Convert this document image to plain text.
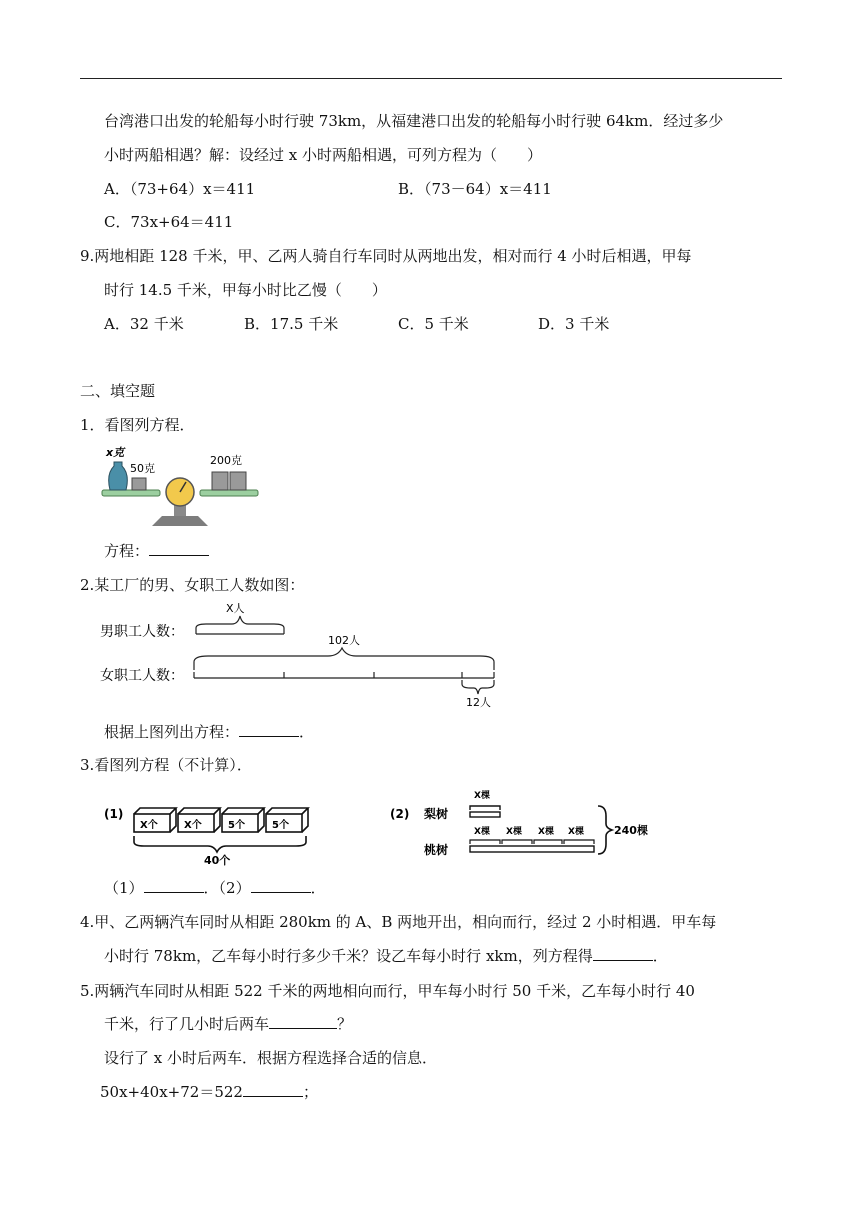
台湾港口出发的轮船每小时行驶 73km，从福建港口出发的轮船每小时行驶 64km．经过多少
小时两船相遇？解：设经过 x 小时两船相遇，可列方程为（　　）
A．（73+64）x＝411	B．（73－64）x＝411
C．73x+64＝411
9.两地相距 128 千米，甲、乙两人骑自行车同时从两地出发，相对而行 4 小时后相遇，甲每
时行 14.5 千米，甲每小时比乙慢（　　）
A．32 千米	B．17.5 千米	C．5 千米	D．3 千米
二、填空题
1．看图列方程．
x克
50克
200克
方程：
2.某工厂的男、女职工人数如图：
男职工人数：
女职工人数：
X人
102人
12人
根据上图列出方程：	．
3.看图列方程（不计算）．
(1)
X个	X个	5个	5个
40个
(2) 梨树
桃树
X棵
X棵 X棵 X棵 X棵	240棵
（1）	．（2）	．
4.甲、乙两辆汽车同时从相距 280km 的 A、B 两地开出，相向而行，经过 2 小时相遇．甲车每
小时行 78km，乙车每小时行多少千米？设乙车每小时行 xkm，列方程得	．
5.两辆汽车同时从相距 522 千米的两地相向而行，甲车每小时行 50 千米，乙车每小时行 40
千米，行了几小时后两车	？
设行了 x 小时后两车．根据方程选择合适的信息．
50x+40x+72＝522	；
